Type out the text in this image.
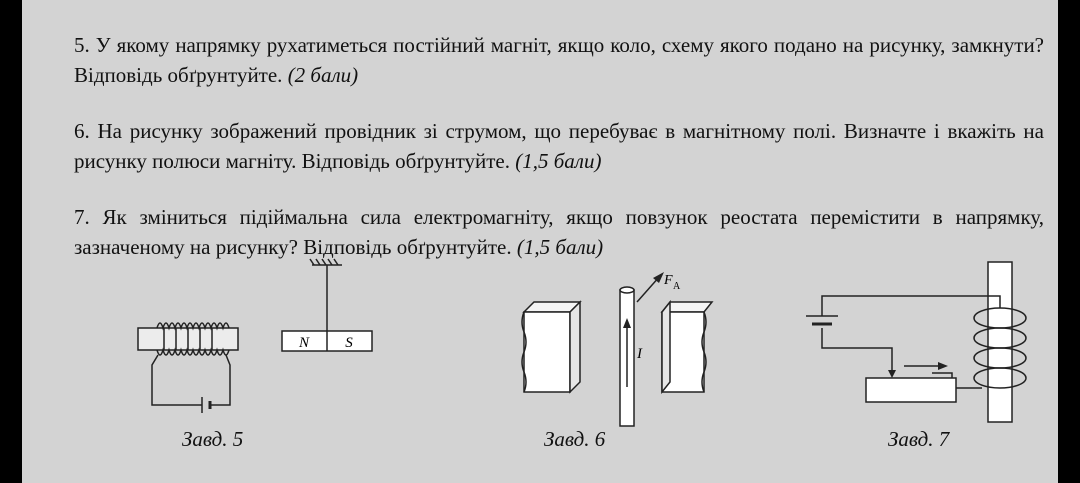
5. У якому напрямку рухатиметься постійний магніт, якщо коло, схему якого подано на рисунку, замкнути? Відповідь обґрунтуйте. (2 бали)
6. На рисунку зображений провідник зі струмом, що перебуває в магнітному полі. Визначте і вкажіть на рисунку полюси магніту. Відповідь обґрунтуйте. (1,5 бали)
7. Як зміниться підіймальна сила електромагніту, якщо повзунок реостата перемістити в напрямку, зазначеному на рисунку? Відповідь обґрунтуйте. (1,5 бали)
N S
Завд. 5
I
F A
Завд. 6	Завд. 7
